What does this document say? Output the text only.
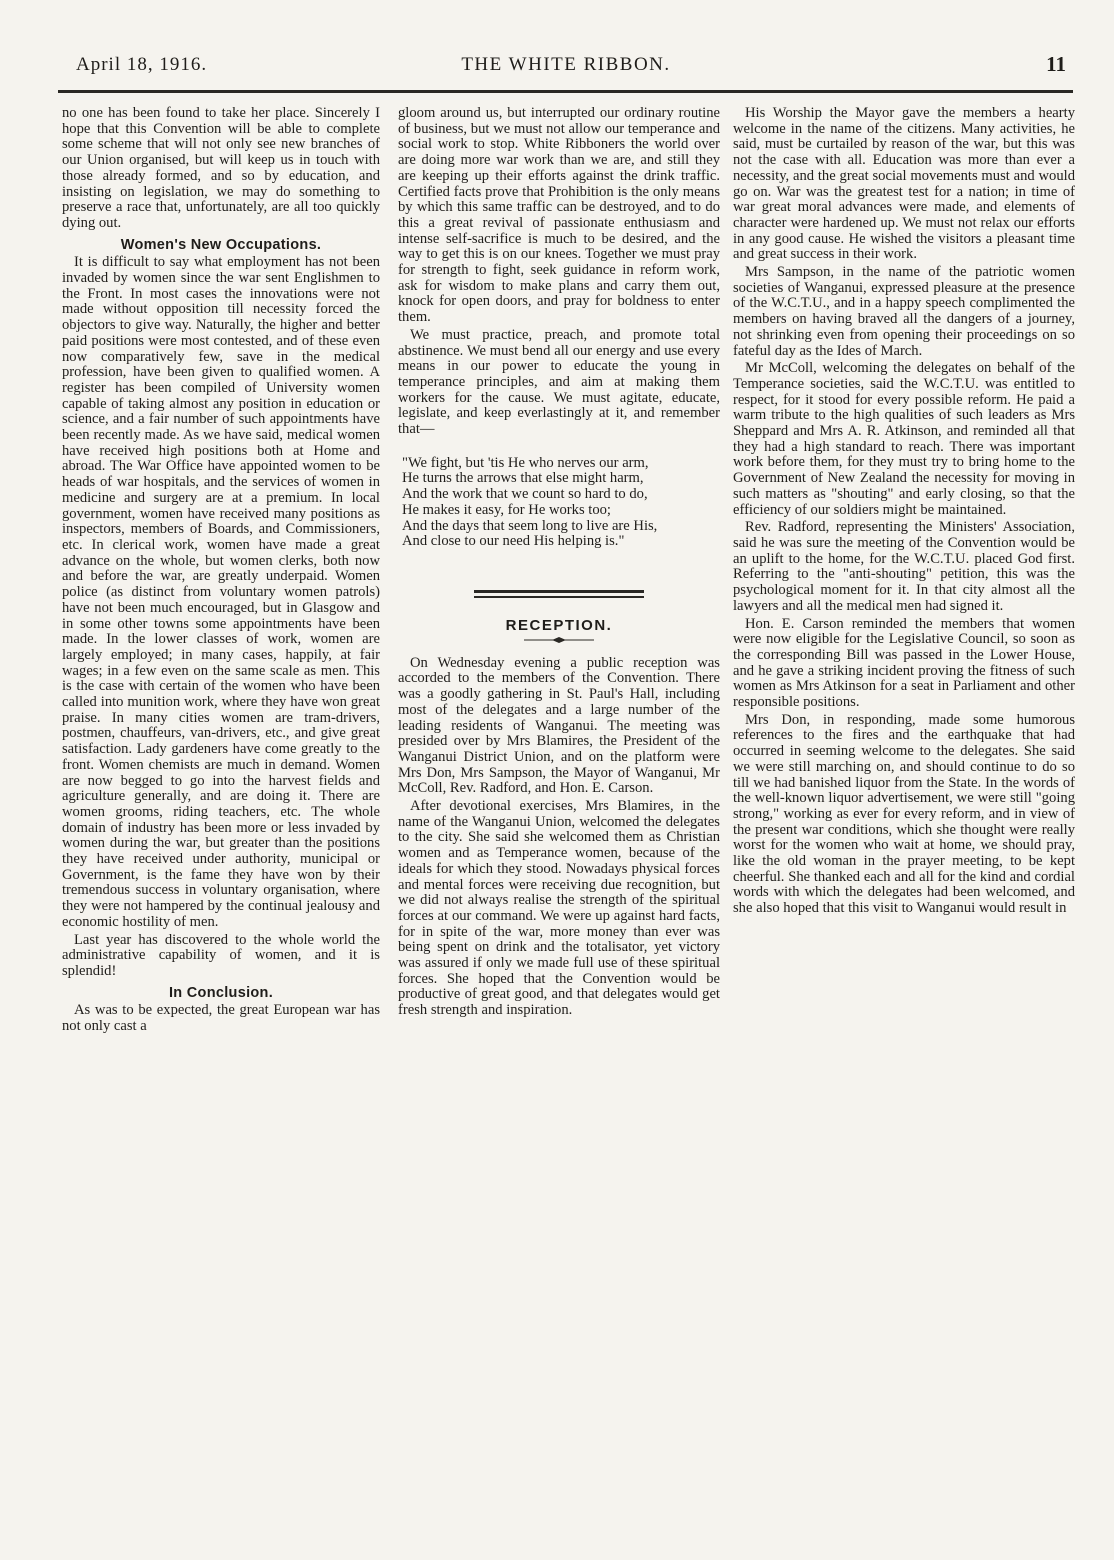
April 18, 1916.	THE WHITE RIBBON.	11

no one has been found to take her place. Sincerely I hope that this Convention will be able to complete some scheme that will not only see new branches of our Union organised, but will keep us in touch with those already formed, and so by education, and insisting on legislation, we may do something to preserve a race that, unfortunately, are all too quickly dying out.

Women's New Occupations.

It is difficult to say what employment has not been invaded by women since the war sent Englishmen to the Front. In most cases the innovations were not made without opposition till necessity forced the objectors to give way. Naturally, the higher and better paid positions were most contested, and of these even now comparatively few, save in the medical profession, have been given to qualified women. A register has been compiled of University women capable of taking almost any position in education or science, and a fair number of such appointments have been recently made. As we have said, medical women have received high positions both at Home and abroad. The War Office have appointed women to be heads of war hospitals, and the services of women in medicine and surgery are at a premium. In local government, women have received many positions as inspectors, members of Boards, and Commissioners, etc. In clerical work, women have made a great advance on the whole, but women clerks, both now and before the war, are greatly underpaid. Women police (as distinct from voluntary women patrols) have not been much encouraged, but in Glasgow and in some other towns some appointments have been made. In the lower classes of work, women are largely employed; in many cases, happily, at fair wages; in a few even on the same scale as men. This is the case with certain of the women who have been called into munition work, where they have won great praise. In many cities women are tram-drivers, postmen, chauffeurs, van-drivers, etc., and give great satisfaction. Lady gardeners have come greatly to the front. Women chemists are much in demand. Women are now begged to go into the harvest fields and agriculture generally, and are doing it. There are women grooms, riding teachers, etc. The whole domain of industry has been more or less invaded by women during the war, but greater than the positions they have received under authority, municipal or Government, is the fame they have won by their tremendous success in voluntary organisation, where they were not hampered by the continual jealousy and economic hostility of men.

Last year has discovered to the whole world the administrative capability of women, and it is splendid!

In Conclusion.

As was to be expected, the great European war has not only cast a

gloom around us, but interrupted our ordinary routine of business, but we must not allow our temperance and social work to stop. White Ribboners the world over are doing more war work than we are, and still they are keeping up their efforts against the drink traffic. Certified facts prove that Prohibition is the only means by which this same traffic can be destroyed, and to do this a great revival of passionate enthusiasm and intense self-sacrifice is much to be desired, and the way to get this is on our knees. Together we must pray for strength to fight, seek guidance in reform work, ask for wisdom to make plans and carry them out, knock for open doors, and pray for boldness to enter them.

We must practice, preach, and promote total abstinence. We must bend all our energy and use every means in our power to educate the young in temperance principles, and aim at making them workers for the cause. We must agitate, educate, legislate, and keep everlastingly at it, and remember that—

"We fight, but 'tis He who nerves our arm,

He turns the arrows that else might harm,

And the work that we count so hard to do,

He makes it easy, for He works too;

And the days that seem long to live are His,

And close to our need His helping is."

RECEPTION.

On Wednesday evening a public reception was accorded to the members of the Convention. There was a goodly gathering in St. Paul's Hall, including most of the delegates and a large number of the leading residents of Wanganui. The meeting was presided over by Mrs Blamires, the President of the Wanganui District Union, and on the platform were Mrs Don, Mrs Sampson, the Mayor of Wanganui, Mr McColl, Rev. Radford, and Hon. E. Carson.

After devotional exercises, Mrs Blamires, in the name of the Wanganui Union, welcomed the delegates to the city. She said she welcomed them as Christian women and as Temperance women, because of the ideals for which they stood. Nowadays physical forces and mental forces were receiving due recognition, but we did not always realise the strength of the spiritual forces at our command. We were up against hard facts, for in spite of the war, more money than ever was being spent on drink and the totalisator, yet victory was assured if only we made full use of these spiritual forces. She hoped that the Convention would be productive of great good, and that delegates would get fresh strength and inspiration.

His Worship the Mayor gave the members a hearty welcome in the name of the citizens. Many activities, he said, must be curtailed by reason of the war, but this was not the case with all. Education was more than ever a necessity, and the great social movements must and would go on. War was the greatest test for a nation; in time of war great moral advances were made, and elements of character were hardened up. We must not relax our efforts in any good cause. He wished the visitors a pleasant time and great success in their work.

Mrs Sampson, in the name of the patriotic women societies of Wanganui, expressed pleasure at the presence of the W.C.T.U., and in a happy speech complimented the members on having braved all the dangers of a journey, not shrinking even from opening their proceedings on so fateful day as the Ides of March.

Mr McColl, welcoming the delegates on behalf of the Temperance societies, said the W.C.T.U. was entitled to respect, for it stood for every possible reform. He paid a warm tribute to the high qualities of such leaders as Mrs Sheppard and Mrs A. R. Atkinson, and reminded all that they had a high standard to reach. There was important work before them, for they must try to bring home to the Government of New Zealand the necessity for moving in such matters as "shouting" and early closing, so that the efficiency of our soldiers might be maintained.

Rev. Radford, representing the Ministers' Association, said he was sure the meeting of the Convention would be an uplift to the home, for the W.C.T.U. placed God first. Referring to the "anti-shouting" petition, this was the psychological moment for it. In that city almost all the lawyers and all the medical men had signed it.

Hon. E. Carson reminded the members that women were now eligible for the Legislative Council, so soon as the corresponding Bill was passed in the Lower House, and he gave a striking incident proving the fitness of such women as Mrs Atkinson for a seat in Parliament and other responsible positions.

Mrs Don, in responding, made some humorous references to the fires and the earthquake that had occurred in seeming welcome to the delegates. She said we were still marching on, and should continue to do so till we had banished liquor from the State. In the words of the well-known liquor advertisement, we were still "going strong," working as ever for every reform, and in view of the present war conditions, which she thought were really worst for the women who wait at home, we should pray, like the old woman in the prayer meeting, to be kept cheerful. She thanked each and all for the kind and cordial words with which the delegates had been welcomed, and she also hoped that this visit to Wanganui would result in
